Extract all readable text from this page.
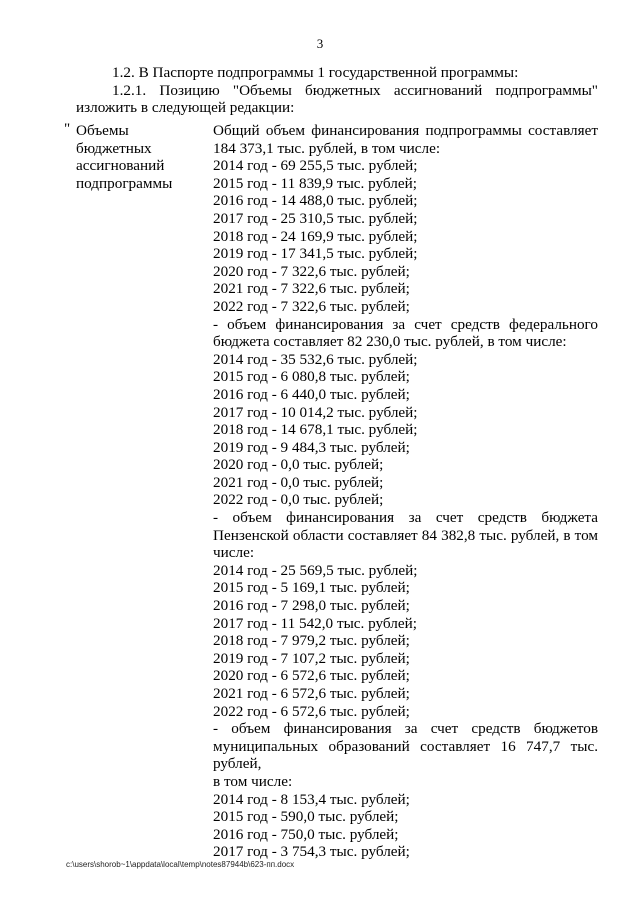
3

1.2. В Паспорте подпрограммы 1 государственной программы:

1.2.1. Позицию "Объемы бюджетных ассигнований подпрограммы"

изложить в следующей редакции:

" Объемы
бюджетных
ассигнований
подпрограммы
Общий объем финансирования подпрограммы составляет
184 373,1 тыс. рублей, в том числе:
2014 год - 69 255,5 тыс. рублей;
2015 год - 11 839,9 тыс. рублей;
2016 год - 14 488,0 тыс. рублей;
2017 год - 25 310,5 тыс. рублей;
2018 год - 24 169,9 тыс. рублей;
2019 год - 17 341,5 тыс. рублей;
2020 год - 7 322,6 тыс. рублей;
2021 год - 7 322,6 тыс. рублей;
2022 год - 7 322,6 тыс. рублей;
- объем финансирования за счет средств федерального
бюджета составляет 82 230,0 тыс. рублей, в том числе:
2014 год - 35 532,6 тыс. рублей;
2015 год - 6 080,8 тыс. рублей;
2016 год - 6 440,0 тыс. рублей;
2017 год - 10 014,2 тыс. рублей;
2018 год - 14 678,1 тыс. рублей;
2019 год - 9 484,3 тыс. рублей;
2020 год - 0,0 тыс. рублей;
2021 год - 0,0 тыс. рублей;
2022 год - 0,0 тыс. рублей;
- объем финансирования за счет средств бюджета
Пензенской области составляет 84 382,8 тыс. рублей, в том
числе:
2014 год - 25 569,5 тыс. рублей;
2015 год - 5 169,1 тыс. рублей;
2016 год - 7 298,0 тыс. рублей;
2017 год - 11 542,0 тыс. рублей;
2018 год - 7 979,2 тыс. рублей;
2019 год - 7 107,2 тыс. рублей;
2020 год - 6 572,6 тыс. рублей;
2021 год - 6 572,6 тыс. рублей;
2022 год - 6 572,6 тыс. рублей;
- объем финансирования за счет средств бюджетов
муниципальных образований составляет 16 747,7 тыс. рублей,
в том числе:
2014 год - 8 153,4 тыс. рублей;
2015 год - 590,0 тыс. рублей;
2016 год - 750,0 тыс. рублей;
2017 год - 3 754,3 тыс. рублей;
c:\users\shorob~1\appdata\local\temp\notes87944b\623-пп.docx
